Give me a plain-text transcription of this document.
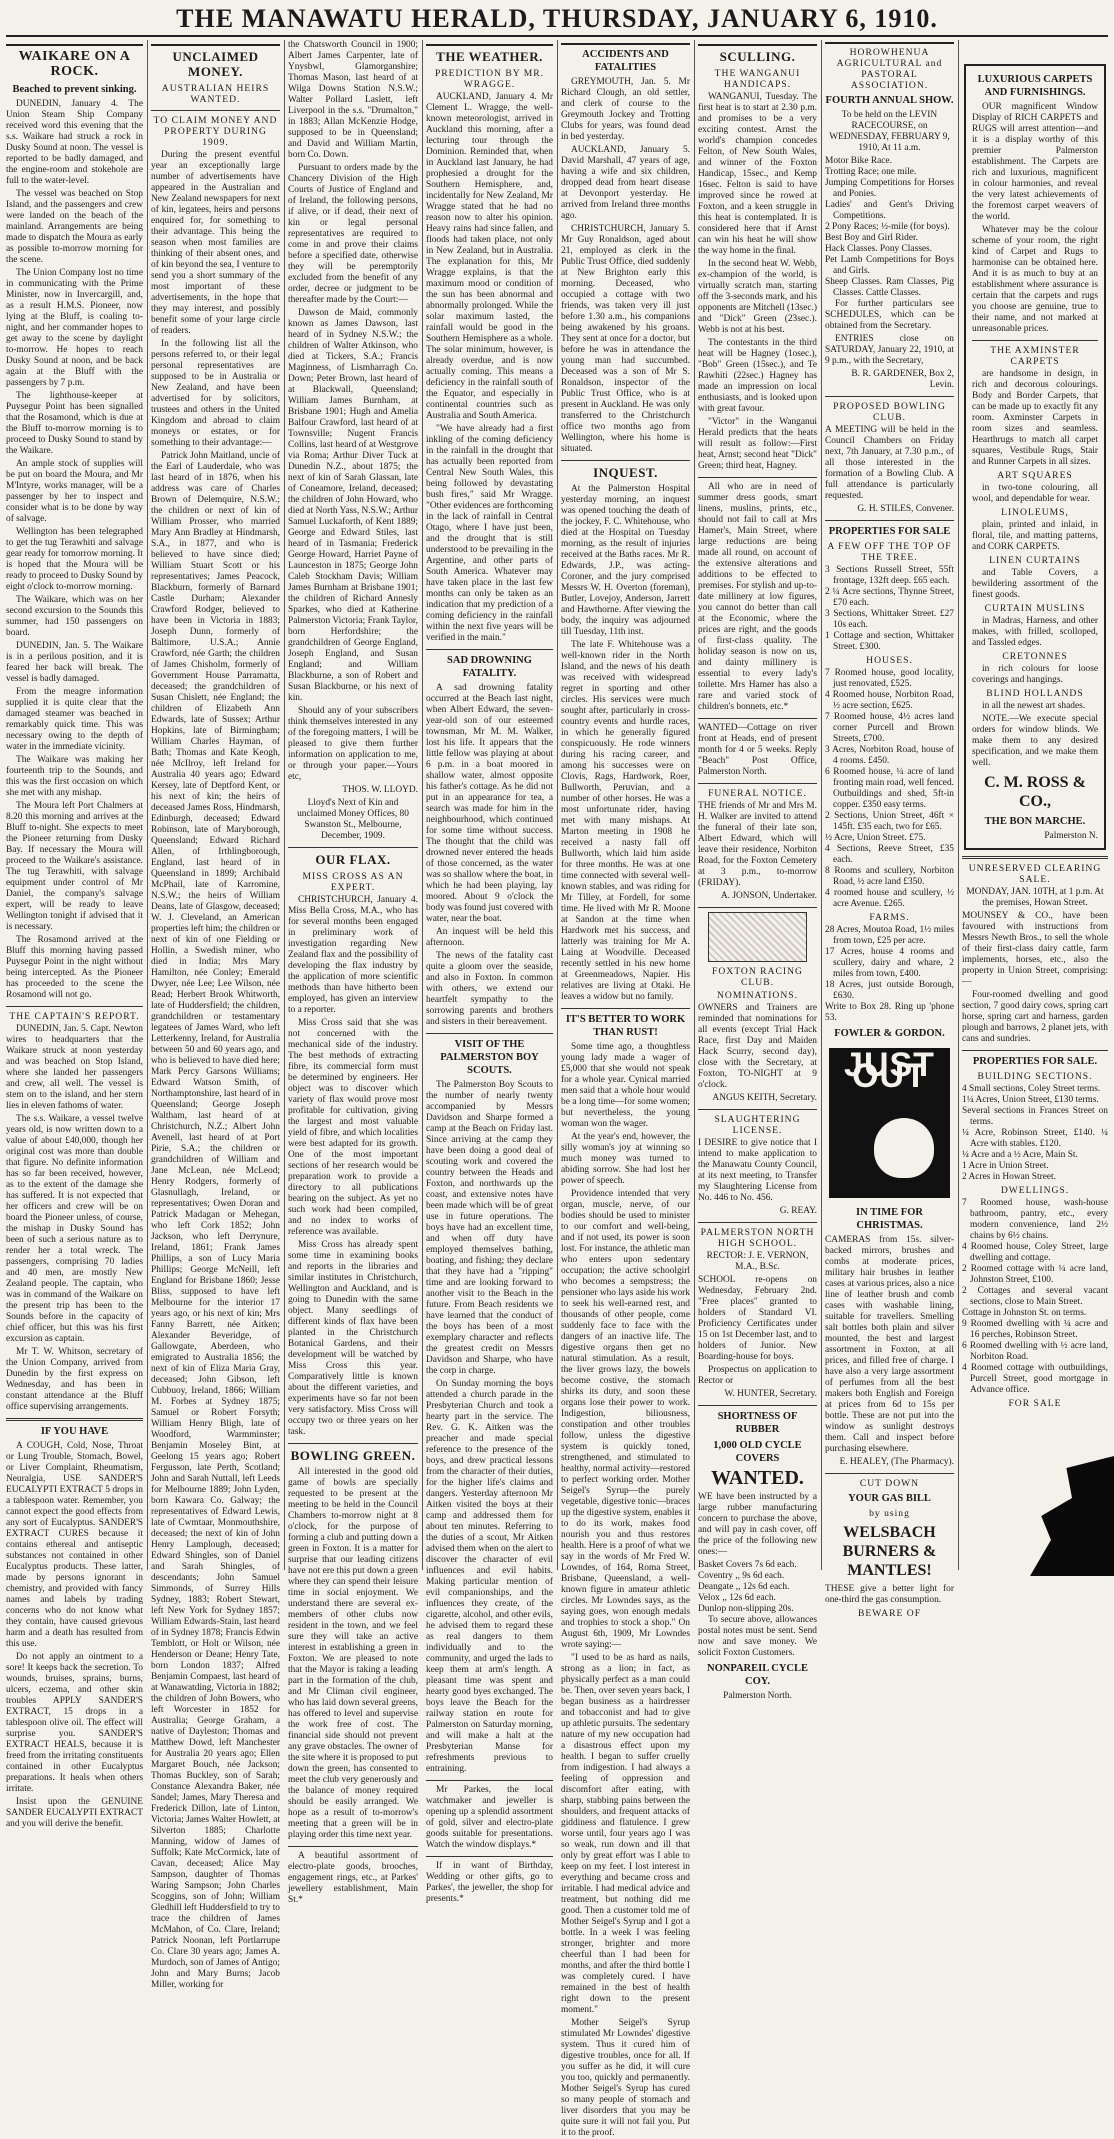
THE MANAWATU HERALD, THURSDAY, JANUARY 6, 1910.
WAIKARE ON A ROCK.
Beached to prevent sinking.

DUNEDIN, January 4. The Union Steam Ship Company received word this evening that the s.s. Waikare had struck a rock in Dusky Sound at noon. The vessel is reported to be badly damaged, and the engine-room and stokehole are full to the water-level.

The vessel was beached on Stop Island, and the passengers and crew were landed on the beach of the mainland. Arrangements are being made to dispatch the Moura as early as possible to-morrow morning for the scene.

The Union Company lost no time in communicating with the Prime Minister, now in Invercargill, and, as a result H.M.S. Pioneer, now lying at the Bluff, is coaling to-night, and her commander hopes to get away to the scene by daylight to-morrow. He hopes to reach Dusky Sound at noon, and be back again at the Bluff with the passengers by 7 p.m.

The lighthouse-keeper at Puysegur Point has been signalled that the Rosamond, which is due at the Bluff to-morrow morning is to proceed to Dusky Sound to stand by the Waikare.

An ample stock of supplies will be put on board the Moura, and Mr M'Intyre, works manager, will be a passenger by her to inspect and consider what is to be done by way of salvage.

Wellington has been telegraphed to get the tug Terawhiti and salvage gear ready for tomorrow morning. It is hoped that the Moura will be ready to proceed to Dusky Sound by eight o'clock to-morrow morning.

The Waikare, which was on her second excursion to the Sounds this summer, had 150 passengers on board.

DUNEDIN, Jan. 5. The Waikare is in a perilous position, and it is feared her back will break. The vessel is badly damaged.

From the meagre information supplied it is quite clear that the damaged steamer was beached in remarkably quick time. This was necessary owing to the depth of water in the immediate vicinity.

The Waikare was making her fourteenth trip to the Sounds, and this was the first occasion on which she met with any mishap.

The Moura left Port Chalmers at 8.20 this morning and arrives at the Bluff to-night. She expects to meet the Pioneer returning from Dusky Bay. If necessary the Moura will proceed to the Waikare's assistance. The tug Terawhiti, with salvage equipment under control of Mr Daniel, the company's salvage expert, will be ready to leave Wellington tonight if advised that it is necessary.

The Rosamond arrived at the Bluff this morning having passed Puysegur Point in the night without being intercepted. As the Pioneer has proceeded to the scene the Rosamond will not go.

THE CAPTAIN'S REPORT.

DUNEDIN, Jan. 5. Capt. Newton wires to headquarters that the Waikare struck at noon yesterday and was beached on Stop Island, where she landed her passengers and crew, all well. The vessel is stem on to the island, and her stern lies in eleven fathoms of water.

The s.s. Waikare, a vessel twelve years old, is now written down to a value of about £40,000, though her original cost was more than double that figure. No definite information has so far been received, however, as to the extent of the damage she has suffered. It is not expected that her officers and crew will be on board the Pioneer unless, of course, the mishap in Dusky Sound has been of such a serious nature as to render her a total wreck. The passengers, comprising 70 ladies and 40 men, are mostly New Zealand people. The captain, who was in command of the Waikare on the present trip has been to the Sounds before in the capacity of chief officer, but this was his first excursion as captain.

Mr T. W. Whitson, secretary of the Union Company, arrived from Dunedin by the first express on Wednesday, and has been in constant attendance at the Bluff office supervising arrangements.

IF YOU HAVE

A COUGH, Cold, Nose, Throat or Lung Trouble, Stomach, Bowel, or Liver Complaint, Rheumatism, Neuralgia, USE SANDER'S EUCALYPTI EXTRACT 5 drops in a tablespoon water. Remember, you cannot expect the good effects from any sort of Eucalyptus. SANDER'S EXTRACT CURES because it contains ethereal and antiseptic substances not contained in other Eucalyptus products. These latter, made by persons ignorant in chemistry, and provided with fancy names and labels by trading concerns who do not know what they contain, have caused grievous harm and a death has resulted from this use.

Do not apply an ointment to a sore! It keeps back the secretion. To wounds, bruises, sprains, burns, ulcers, eczema, and other skin troubles APPLY SANDER'S EXTRACT, 15 drops in a tablespoon olive oil. The effect will surprise you. SANDER'S EXTRACT HEALS, because it is freed from the irritating constituents contained in other Eucalyptus preparations. It heals when others irritate.

Insist upon the GENUINE SANDER EUCALYPTI EXTRACT and you will derive the benefit.

UNCLAIMED MONEY.
AUSTRALIAN HEIRS WANTED.
TO CLAIM MONEY AND PROPERTY DURING 1909.

During the present eventful year an exceptionally large number of advertisements have appeared in the Australian and New Zealand newspapers for next of kin, legatees, heirs and persons enquired for, for something to their advantage. This being the season when most families are thinking of their absent ones, and of kin beyond the sea, I venture to send you a short summary of the most important of these advertisements, in the hope that they may interest, and possibly benefit some of your large circle of readers.

In the following list all the persons referred to, or their legal personal representatives are supposed to be in Australia or New Zealand, and have been advertised for by solicitors, trustees and others in the United Kingdom and abroad to claim moneys or estates, or for something to their advantage:—

Patrick John Maitland, uncle of the Earl of Lauderdale, who was last heard of in 1876, when his address was care of Charles Brown of Delemquire, N.S.W.; the children or next of kin of William Prosser, who married Mary Ann Bradley at Hindmarsh, S.A., in 1877, and who is believed to have since died; William Stuart Scott or his representatives; James Peacock, Blackburn, formerly of Barnard Castle Durham; Alexander Crawford Rodger, believed to have been in Victoria in 1883; Joseph Dunn, formerly of Baltimore, U.S.A.; Annie Crawford, née Garth; the children of James Chisholm, formerly of Government House Parramatta, deceased; the grandchildren of Susan Chislett, née England; the children of Elizabeth Ann Edwards, late of Sussex; Arthur Hopkins, late of Birmingham; William Charles Hayman, of Bath; Thomas and Kate Keogh, née McIlroy, left Ireland for Australia 40 years ago; Edward Kersey, late of Deptford Kent, or his next of kin; the heirs of deceased James Ross, Hindmarsh, Edinburgh, deceased; Edward Robinson, late of Maryborough, Queensland; Edward Richard Allen, of Irthlingborough, England, last heard of in Queensland in 1899; Archibald McPhail, late of Karromine, N.S.W.; the heirs of William Deans, late of Glasgow, deceased; W. J. Cleveland, an American properties left him; the children or next of kin of one Fielding or Hollin, a Swedish miner, who died in India; Mrs Mary Hamilton, née Conley; Emerald Dwyer, née Lee; Lee Wilson, née Read; Herbert Brook Whitworth, late of Huddersfield; the children, grandchildren or testamentary legatees of James Ward, who left Letterkenny, Ireland, for Australia between 50 and 60 years ago, and who is believed to have died here; Mark Percy Garsons Williams; Edward Watson Smith, of Northamptonshire, last heard of in Queensland; George Joseph Waltham, last heard of at Christchurch, N.Z.; Albert John Avenell, last heard of at Port Pirie, S.A.; the children or grandchildren of William and Jane McLean, née McLeod; Henry Rodgers, formerly of Glasnullagh, Ireland, or representatives; Owen Doran and Patrick Madagan or Mehegan, who left Cork 1852; John Jackson, who left Derrynure, Ireland, 1861; Frank James Phillips, a son of Lucy Maria Phillips; George McNeill, left England for Brisbane 1860; Jesse Bliss, supposed to have left Melbourne for the interior 17 years ago, or his next of kin; Mrs Fanny Barrett, née Aitken; Alexander Beveridge, of Gallowgate, Aberdeen, who emigrated to Australia 1856; the next of kin of Eliza Maria Gray, deceased; John Gibson, left Cubbuoy, Ireland, 1866; William M. Forbes at Sydney 1875; Samuel or Robert Forsyth; William Henry Bligh, late of Woodford, Warmminster; Benjamin Moseley Bint, at Geelong 15 years ago; Robert Fergusson, late Perth, Scotland; John and Sarah Nuttall, left Leeds for Melbourne 1889; John Lyden, born Kawara Co. Galway; the representatives of Edward Lewis, late of Cwmtaar, Monmouthshire, deceased; the next of kin of John Henry Lamplough, deceased; Edward Shingles, son of Daniel and Sarah Shingles, of descendants; John Samuel Simmonds, of Surrey Hills Sydney, 1883; Robert Stewart, left New York for Sydney 1857; William Edwards-Stain, last heard of in Sydney 1878; Francis Edwin Temblott, or Holt or Wilson, née Henderson or Deane; Henry Tate, born London 1837; Alfred Benjamin Compaest, last heard of at Wanawatding, Victoria in 1882; the children of John Bowers, who left Worcester in 1852 for Australia; George Graham, a native of Dayleston; Thomas and Matthew Dowd, left Manchester for Australia 20 years ago; Ellen Margaret Bouch, née Jackson; Thomas Buckley, son of Sarah; Constance Alexandra Baker, née Sandel; James, Mary Theresa and Frederick Dillon, late of Linton, Victoria; James Walter Howlett, at Silverton 1885; Charlotte Manning, widow of James of Suffolk; Kate McCormick, late of Cavan, deceased; Alice May Sampson, daughter of Thomas Waring Sampson; John Charles Scoggins, son of John; William Gledhill left Huddersfield to try to trace the children of James McMahon, of Co. Clare, Ireland; Patrick Noonan, left Portlarrupe Co. Clare 30 years ago; James A. Murdoch, son of James of Antigo; John and Mary Burns; Jacob Miller, working for

the Chatsworth Council in 1900; Albert James Carpenter, late of Ynysbwl, Glamorganshire; Thomas Mason, last heard of at Wilga Downs Station N.S.W.; Walter Pollard Laslett, left Liverpool in the s.s. "Drumalton," in 1883; Allan McKenzie Hodge, supposed to be in Queensland; and David and William Martin, born Co. Down.

Pursuant to orders made by the Chancery Division of the High Courts of Justice of England and of Ireland, the following persons, if alive, or if dead, their next of kin or legal personal representatives are required to come in and prove their claims before a specified date, otherwise they will be peremptorily excluded from the benefit of any order, decree or judgment to be thereafter made by the Court:—

Dawson de Maid, commonly known as James Dawson, last heard of in Sydney N.S.W.; the children of Walter Atkinson, who died at Tickers, S.A.; Francis Maginness, of Lismharragh Co. Down; Peter Brown, last heard of at Blackwall, Queensland; William James Burnham, at Brisbane 1901; Hugh and Amelia Balfour Crawford, last heard of at Townsville; Nugent Francis Collins, last heard of at Westgrove via Roma; Arthur Diver Tuck at Dunedin N.Z., about 1875; the next of kin of Sarah Glassan, late of Coneamore, Ireland, deceased; the children of John Howard, who died at North Yass, N.S.W.; Arthur Samuel Luckaforth, of Kent 1889; George and Edward Stiles, last heard of in Tasmania; Frederick George Howard, Harriet Payne of Launceston in 1875; George John Caleb Stockham Davis; William James Burnham at Brisbane 1901; the children of Richard Annesly Sparkes, who died at Katherine Palmerston Victoria; Frank Taylor, born Herfordshire; the grandchildren of George England, Joseph England, and Susan England; and William Blackburne, a son of Robert and Susan Blackburne, or his next of kin.

Should any of your subscribers think themselves interested in any of the foregoing matters, I will be pleased to give them further information on application to me, or through your paper.—Yours etc,

THOS. W. LLOYD.

Lloyd's Next of Kin and unclaimed Money Offices, 80 Swanston St., Melbourne, December, 1909.

OUR FLAX.
MISS CROSS AS AN EXPERT.

CHRISTCHURCH, January 4. Miss Bella Cross, M.A., who has for several months been engaged in preliminary work of investigation regarding New Zealand flax and the possibility of developing the flax industry by the application of more scientific methods than have hitherto been employed, has given an interview to a reporter.

Miss Cross said that she was not concerned with the mechanical side of the industry. The best methods of extracting fibre, its commercial form must be determined by engineers. Her object was to discover which variety of flax would prove most profitable for cultivation, giving the largest and most valuable yield of fibre, and which localities were best adapted for its growth. One of the most important sections of her research would be preparation work to provide a directory to all publications bearing on the subject. As yet no such work had been compiled, and no index to works of reference was available.

Miss Cross has already spent some time in examining books and reports in the libraries and similar institutes in Christchurch, Wellington and Auckland, and is going to Dunedin with the same object. Many seedlings of different kinds of flax have been planted in the Christchurch Botanical Gardens, and their development will be watched by Miss Cross this year. Comparatively little is known about the different varieties, and experiments have so far not been very satisfactory. Miss Cross will occupy two or three years on her task.

BOWLING GREEN.

All interested in the good old game of bowls are specially requested to be present at the meeting to be held in the Council Chambers to-morrow night at 8 o'clock, for the purpose of forming a club and putting down a green in Foxton. It is a matter for surprise that our leading citizens have not ere this put down a green where they can spend their leisure time in social enjoyment. We understand there are several ex-members of other clubs now resident in the town, and we feel sure they will take an active interest in establishing a green in Foxton. We are pleased to note that the Mayor is taking a leading part in the formation of the club, and Mr Climan civil engineer, who has laid down several greens, has offered to level and supervise the work free of cost. The financial side should not prevent any grave obstacles. The owner of the site where it is proposed to put down the green, has consented to meet the club very generously and the balance of money required should be easily arranged. We hope as a result of to-morrow's meeting that a green will be in playing order this time next year.

A beautiful assortment of electro-plate goods, brooches, engagement rings, etc., at Parkes' jewellery establishment, Main St.*

THE WEATHER.
PREDICTION BY MR. WRAGGE.

AUCKLAND, January 4. Mr Clement L. Wragge, the well-known meteorologist, arrived in Auckland this morning, after a lecturing tour through the Dominion. Reminded that, when in Auckland last January, he had prophesied a drought for the Southern Hemisphere, and, incidentally for New Zealand, Mr Wragge stated that he had no reason now to alter his opinion. Heavy rains had since fallen, and floods had taken place, not only in New Zealand, but in Australia. The explanation for this, Mr Wragge explains, is that the maximum mood or condition of the sun has been abnormal and abnormally prolonged. While the solar maximum lasted, the rainfall would be good in the Southern Hemisphere as a whole. The solar minimum, however, is already overdue, and is now actually coming. This means a deficiency in the rainfall south of the Equator, and especially in continental countries such as Australia and South America.

"We have already had a first inkling of the coming deficiency in the rainfall in the drought that has actually been reported from Central New South Wales, this being followed by devastating bush fires," said Mr Wragge. "Other evidences are forthcoming in the lack of rainfall in Central Otago, where I have just been, and the drought that is still understood to be prevailing in the Argentine, and other parts of South America. Whatever may have taken place in the last few months can only be taken as an indication that my prediction of a coming deficiency in the rainfall within the next five years will be verified in the main."

SAD DROWNING FATALITY.

A sad drowning fatality occurred at the Beach last night, when Albert Edward, the seven-year-old son of our esteemed townsman, Mr M. M. Walker, lost his life. It appears that the little fellow was playing at about 6 p.m. in a boat moored in shallow water, almost opposite his father's cottage. As he did not put in an appearance for tea, a search was made for him in the neighbourhood, which continued for some time without success. The thought that the child was drowned never entered the heads of those concerned, as the water was so shallow where the boat, in which he had been playing, lay moored. About 9 o'clock the body was found just covered with water, near the boat.

An inquest will be held this afternoon.

The news of the fatality cast quite a gloom over the seaside, and also in Foxton. In common with others, we extend our heartfelt sympathy to the sorrowing parents and brothers and sisters in their bereavement.

VISIT OF THE PALMERSTON BOY SCOUTS.

The Palmerston Boy Scouts to the number of nearly twenty accompanied by Messrs Davidson and Sharpe formed a camp at the Beach on Friday last. Since arriving at the camp they have been doing a good deal of scouting work and covered the country between the Heads and Foxton, and northwards up the coast, and extensive notes have been made which will be of great use in future operations. The boys have had an excellent time, and when off duty have employed themselves bathing, boating, and fishing; they declare that they have had a "ripping" time and are looking forward to another visit to the Beach in the future. From Beach residents we have learned that the conduct of the boys has been of a most exemplary character and reflects the greatest credit on Messrs Davidson and Sharpe, who have the corp in charge.

On Sunday morning the boys attended a church parade in the Presbyterian Church and took a hearty part in the service. The Rev. G. K. Aitken was the preacher and made special reference to the presence of the boys, and drew practical lessons from the character of their duties, for the higher life's claims and dangers. Yesterday afternoon Mr Aitken visited the boys at their camp and addressed them for about ten minutes. Referring to the duties of a scout, Mr Aitken advised them when on the alert to discover the character of evil influences and evil habits. Making particular mention of evil companionships, and the influences they create, of the cigarette, alcohol, and other evils, he advised them to regard these as real dangers to them individually and to the community, and urged the lads to keep them at arm's length. A pleasant time was spent and hearty good byes exchanged. The boys leave the Beach for the railway station en route for Palmerston on Saturday morning, and will make a halt at the Presbyterian Manse for refreshments previous to entraining.

Mr Parkes, the local watchmaker and jeweller is opening up a splendid assortment of gold, silver and electro-plate goods suitable for presentations. Watch the window displays.*

If in want of Birthday, Wedding or other gifts, go to Parkes', the jeweller, the shop for presents.*

ACCIDENTS AND FATALITIES

GREYMOUTH, Jan. 5. Mr Richard Clough, an old settler, and clerk of course to the Greymouth Jockey and Trotting Clubs for years, was found dead in bed yesterday.

AUCKLAND, January 5. David Marshall, 47 years of age, having a wife and six children, dropped dead from heart disease at Devonport yesterday. He arrived from Ireland three months ago.

CHRISTCHURCH, January 5. Mr Guy Ronaldson, aged about 21, employed as clerk in the Public Trust Office, died suddenly at New Brighton early this morning. Deceased, who occupied a cottage with two friends, was taken very ill just before 1.30 a.m., his companions being awakened by his groans. They sent at once for a doctor, but before he was in attendance the young man had succumbed. Deceased was a son of Mr S. Ronaldson, inspector of the Public Trust Office, who is at present in Auckland. He was only transferred to the Christchurch office two months ago from Wellington, where his home is situated.

INQUEST.

At the Palmerston Hospital yesterday morning, an inquest was opened touching the death of the jockey, F. C. Whitehouse, who died at the Hospital on Tuesday morning, as the result of injuries received at the Baths races. Mr R. Edwards, J.P., was acting-Coroner, and the jury comprised Messrs W. H. Overton (foreman), Butler, Lovejoy, Anderson, Jarrett and Hawthorne. After viewing the body, the inquiry was adjourned till Tuesday, 11th inst.

The late F. Whitehouse was a well-known rider in the North Island, and the news of his death was received with widespread regret in sporting and other circles. His services were much sought after, particularly in cross-country events and hurdle races, in which he generally figured conspicuously. He rode winners during his racing career, and among his successes were on Clovis, Rags, Hardwork, Roer, Bullworth, Peruvian, and a number of other horses. He was a most unfortunate rider, having met with many mishaps. At Marton meeting in 1908 he received a nasty fall off Bullworth, which laid him aside for three months. He was at one time connected with several well-known stables, and was riding for Mr Tilley, at Fordell, for some time. He lived with Mr R. Moone at Sandon at the time when Hardwork met his success, and latterly was training for Mr A. Laing at Woodville. Deceased recently settled in his new home at Greenmeadows, Napier. His relatives are living at Otaki. He leaves a widow but no family.

IT'S BETTER TO WORK THAN RUST!

Some time ago, a thoughtless young lady made a wager of £5,000 that she would not speak for a whole year. Cynical married men said that a whole hour would be a long time—for some women; but nevertheless, the young woman won the wager.

At the year's end, however, the silly woman's joy at winning so much money was turned to abiding sorrow. She had lost her power of speech.

Providence intended that very organ, muscle, nerve, of our bodies should be used to minister to our comfort and well-being, and if not used, its power is soon lost. For instance, the athletic man who enters upon sedentary occupation; the active schoolgirl who becomes a sempstress; the pensioner who lays aside his work to seek his well-earned rest, and thousands of other people, come suddenly face to face with the dangers of an inactive life. The digestive organs then get no natural stimulation. As a result, the liver grows lazy, the bowels become costive, the stomach shirks its duty, and soon these organs lose their power to work. Indigestion, biliousness, constipation and other troubles follow, unless the digestive system is quickly toned, strengthened, and stimulated to healthy, normal activity—restored to perfect working order. Mother Seigel's Syrup—the purely vegetable, digestive tonic—braces up the digestive system, enables it to do its work, makes food nourish you and thus restores health. Here is a proof of what we say in the words of Mr Fred W. Lowndes, of 164, Roma Street, Brisbane, Queensland, a well-known figure in amateur athletic circles. Mr Lowndes says, as the saying goes, won enough medals and trophies to stock a shop." On August 6th, 1909, Mr Lowndes wrote saying:—

"I used to be as hard as nails, strong as a lion; in fact, as physically perfect as a man could be. Then, over seven years back, I began business as a hairdresser and tobacconist and had to give up athletic pursuits. The sedentary nature of my new occupation had a disastrous effect upon my health. I began to suffer cruelly from indigestion. I had always a feeling of oppression and discomfort after eating, with sharp, stabbing pains between the shoulders, and frequent attacks of giddiness and flatulence. I grew worse until, four years ago I was so weak, run down and ill that only by great effort was I able to keep on my feet. I lost interest in everything and became cross and irritable. I had medical advice and treatment, but nothing did me good. Then a customer told me of Mother Seigel's Syrup and I got a bottle. In a week I was feeling stronger, brighter and more cheerful than I had been for months, and after the third bottle I was completely cured. I have remained in the best of health right down to the present moment."

Mother Seigel's Syrup stimulated Mr Lowndes' digestive system. Thus it cured him of digestive troubles, once for all. If you suffer as he did, it will cure you too, quickly and permanently. Mother Seigel's Syrup has cured so many people of stomach and liver disorders that you may be quite sure it will not fail you. Put it to the proof.

SCULLING.
THE WANGANUI HANDICAPS.

WANGANUI, Tuesday. The first heat is to start at 2.30 p.m. and promises to be a very exciting contest. Arnst the world's champion concedes Felton, of New South Wales, and winner of the Foxton Handicap, 15sec., and Kemp 16sec. Felton is said to have improved since he rowed at Foxton, and a keen struggle in this heat is contemplated. It is considered here that if Arnst can win his heat he will show the way home in the final.

In the second heat W. Webb, ex-champion of the world, is virtually scratch man, starting off the 3-seconds mark, and his opponents are Mitchell (13sec.) and "Dick" Green (23sec.). Webb is not at his best.

The contestants in the third heat will be Hagney (1osec.), "Bob" Green (15sec.), and Te Rawhiti (22sec.) Hagney has made an impression on local enthusiasts, and is looked upon with great favour.

"Victor" in the Wanganui Herald predicts that the heats will result as follow:—First heat, Arnst; second heat "Dick" Green; third heat, Hagney.

All who are in need of summer dress goods, smart linens, muslins, prints, etc., should not fail to call at Mrs Hamer's, Main Street, where large reductions are being made all round, on account of the extensive alterations and additions to be effected to premises. For stylish and up-to-date millinery at low figures, you cannot do better than call at the Economic, where the prices are right, and the goods of first-class quality. The holiday season is now on us, and dainty millinery is essential to every lady's toilette. Mrs Hamer has also a rare and varied stock of children's bonnets, etc.*

WANTED—Cottage on river front at Heads, end of present month for 4 or 5 weeks. Reply "Beach" Post Office, Palmerston North.

FUNERAL NOTICE.

THE friends of Mr and Mrs M. H. Walker are invited to attend the funeral of their late son, Albert Edward, which will leave their residence, Norbiton Road, for the Foxton Cemetery at 3 p.m., to-morrow (FRIDAY).

A. JONSON, Undertaker.

FOXTON RACING CLUB.
NOMINATIONS.

OWNERS and Trainers are reminded that nominations for all events (except Trial Hack Race, first Day and Maiden Hack Scurry, second day), close with the Secretary, at Foxton, TO-NIGHT at 9 o'clock.

ANGUS KEITH, Secretary.

SLAUGHTERING LICENSE.

I DESIRE to give notice that I intend to make application to the Manawatu County Council, at its next meeting, to Transfer my Slaughtering License from No. 446 to No. 456.

G. REAY.

PALMERSTON NORTH HIGH SCHOOL.

RECTOR: J. E. VERNON, M.A., B.Sc.

SCHOOL re-opens on Wednesday, February 2nd. "Free places" granted to holders of Standard VI. Proficiency Certificates under 15 on 1st December last, and to holders of Junior. New Boarding-house for boys.

Prospectus on application to Rector or

W. HUNTER, Secretary.

SHORTNESS OF RUBBER
1,000 OLD CYCLE COVERS
WANTED.

WE have been instructed by a large rubber manufacturing concern to purchase the above, and will pay in cash cover, off the price of the following new ones:—

Basket Covers 7s 6d each.
Coventry ,, 9s 6d each.
Deangate ,, 12s 6d each.
Velox ,, 12s 6d each.
Dunlop non-slipping 20s.

To secure above, allowances postal notes must be sent. Send now and save money. We solicit Foxton Customers.

NONPAREIL CYCLE COY.

Palmerston North.

HOROWHENUA AGRICULTURAL and PASTORAL ASSOCIATION.
FOURTH ANNUAL SHOW.

To be held on the LEVIN RACECOURSE, on WEDNESDAY, FEBRUARY 9, 1910, At 11 a.m.

Motor Bike Race.
Trotting Race; one mile.
Jumping Competitions for Horses and Ponies.
Ladies' and Gent's Driving Competitions.
2 Pony Races; ½-mile (for boys).
Best Boy and Girl Rider.
Hack Classes. Pony Classes.
Pet Lamb Competitions for Boys and Girls.
Sheep Classes. Ram Classes, Pig Classes. Cattle Classes.

For further particulars see SCHEDULES, which can be obtained from the Secretary.

ENTRIES close on SATURDAY, January 22, 1910, at 9 p.m., with the Secretary,

B. R. GARDENER, Box 2, Levin.

PROPOSED BOWLING CLUB.

A MEETING will be held in the Council Chambers on Friday next, 7th January, at 7.30 p.m., of all those interested in the formation of a Bowling Club. A full attendance is particularly requested.

G. H. STILES, Convener.

PROPERTIES FOR SALE
A FEW OFF THE TOP OF THE TREE.
3 Sections Russell Street, 55ft frontage, 132ft deep. £65 each.
2 ¼ Acre sections, Thynne Street, £70 each.
3 Sections, Whittaker Street. £27 10s each.
1 Cottage and section, Whittaker Street. £300.
HOUSES.
7 Roomed house, good locality, just renovated, £525.
4 Roomed house, Norbiton Road, ½ acre section, £625.
7 Roomed house, 4½ acres land corner Purcell and Brown Streets, £700.
3 Acres, Norbiton Road, house of 4 rooms. £450.
6 Roomed house, ¼ acre of land fronting main road, well fenced. Outbuildings and shed, 5ft-in copper. £350 easy terms.
2 Sections, Union Street, 46ft × 145ft. £35 each, two for £65.
½ Acre, Union Street. £75.
4 Sections, Reeve Street, £35 each.
8 Rooms and scullery, Norbiton Road, ½ acre land £350.
4 roomed house and scullery, ½ acre Avenue. £265.
FARMS.
28 Acres, Moutoa Road, 1½ miles from town, £25 per acre.
17 Acres, house 4 rooms and scullery, dairy and whare, 2 miles from town, £400.
18 Acres, just outside Borough, £630.

Write to Box 28. Ring up 'phone 53.

FOWLER & GORDON.
JUST OUT
IN TIME FOR CHRISTMAS.

CAMERAS from 15s. silver-backed mirrors, brushes and combs at moderate prices, military hair brushes in leather cases at various prices, also a nice line of leather brush and comb cases with washable lining, suitable for travellers. Smelling salt bottles both plain and silver mounted, the best and largest assortment in Foxton, at all prices, and filled free of charge. I have also a very large assortment of perfumes from all the best makers both English and Foreign at prices from 6d to 15s per bottle. These are not put into the window as sunlight destroys them. Call and inspect before purchasing elsewhere.

E. HEALEY, (The Pharmacy).

CUT DOWN
YOUR GAS BILL
by using
WELSBACH BURNERS & MANTLES!

THESE give a better light for one-third the gas consumption.

BEWARE OF
LUXURIOUS CARPETS AND FURNISHINGS.

OUR magnificent Window Display of RICH CARPETS and RUGS will arrest attention—and it is a display worthy of this premier Palmerston establishment. The Carpets are rich and luxurious, magnificent in colour harmonies, and reveal the very latest achievements of the foremost carpet weavers of the world.

Whatever may be the colour scheme of your room, the right kind of Carpet and Rugs to harmonise can be obtained here. And it is as much to buy at an establishment where assurance is certain that the carpets and rugs you choose are genuine, true to their name, and not marked at unreasonable prices.

THE AXMINSTER CARPETS

are handsome in design, in rich and decorous colourings. Body and Border Carpets, that can be made up to exactly fit any room. Axminster Carpets in room sizes and seamless. Hearthrugs to match all carpet squares, Vestibule Rugs, Stair and Runner Carpets in all sizes.

ART SQUARES

in two-tone colouring, all wool, and dependable for wear.

LINOLEUMS,

plain, printed and inlaid, in floral, tile, and matting patterns, and CORK CARPETS.

LINEN CURTAINS

and Table Covers, a bewildering assortment of the finest goods.

CURTAIN MUSLINS

in Madras, Harness, and other makes, with frilled, scolloped, and Tassled edges.

CRETONNES

in rich colours for loose coverings and hangings.

BLIND HOLLANDS

in all the newest art shades.

NOTE.—We execute special orders for window blinds. We make them to any desired specification, and we make them well.

C. M. ROSS & CO.,
THE BON MARCHE.

Palmerston N.

UNRESERVED CLEARING SALE.

MONDAY, JAN. 10TH, at 1 p.m. At the premises, Howan Street.

MOUNSEY & CO., have been favoured with instructions from Messrs Newth Bros., to sell the whole of their first-class dairy cattle, farm implements, horses, etc., also the property in Union Street, comprising:—

Four-roomed dwelling and good section, 7 good dairy cows, spring cart horse, spring cart and harness, garden plough and barrows, 2 planet jets, with cans and sundries.

PROPERTIES FOR SALE.
BUILDING SECTIONS.
4 Small sections, Coley Street terms.
1¼ Acres, Union Street, £130 terms.
Several sections in Frances Street on terms.
¼ Acre, Robinson Street, £140. ¼ Acre with stables. £120.
¼ Acre and a ½ Acre, Main St.
1 Acre in Union Street.
2 Acres in Howan Street.
DWELLINGS.
7 Roomed house, wash-house bathroom, pantry, etc., every modern convenience, land 2½ chains by 6½ chains.
4 Roomed house, Coley Street, large dwelling and cottage.
2 Roomed cottage with ¼ acre land, Johnston Street, £100.
2 Cottages and several vacant sections, close to Main Street.
Cottage in Johnston St. on terms.
9 Roomed dwelling with ¼ acre and 16 perches, Robinson Street.
6 Roomed dwelling with ½ acre land, Norbiton Road.
4 Roomed cottage with outbuildings, Purcell Street, good mortgage in Advance office.
FOR SALE
